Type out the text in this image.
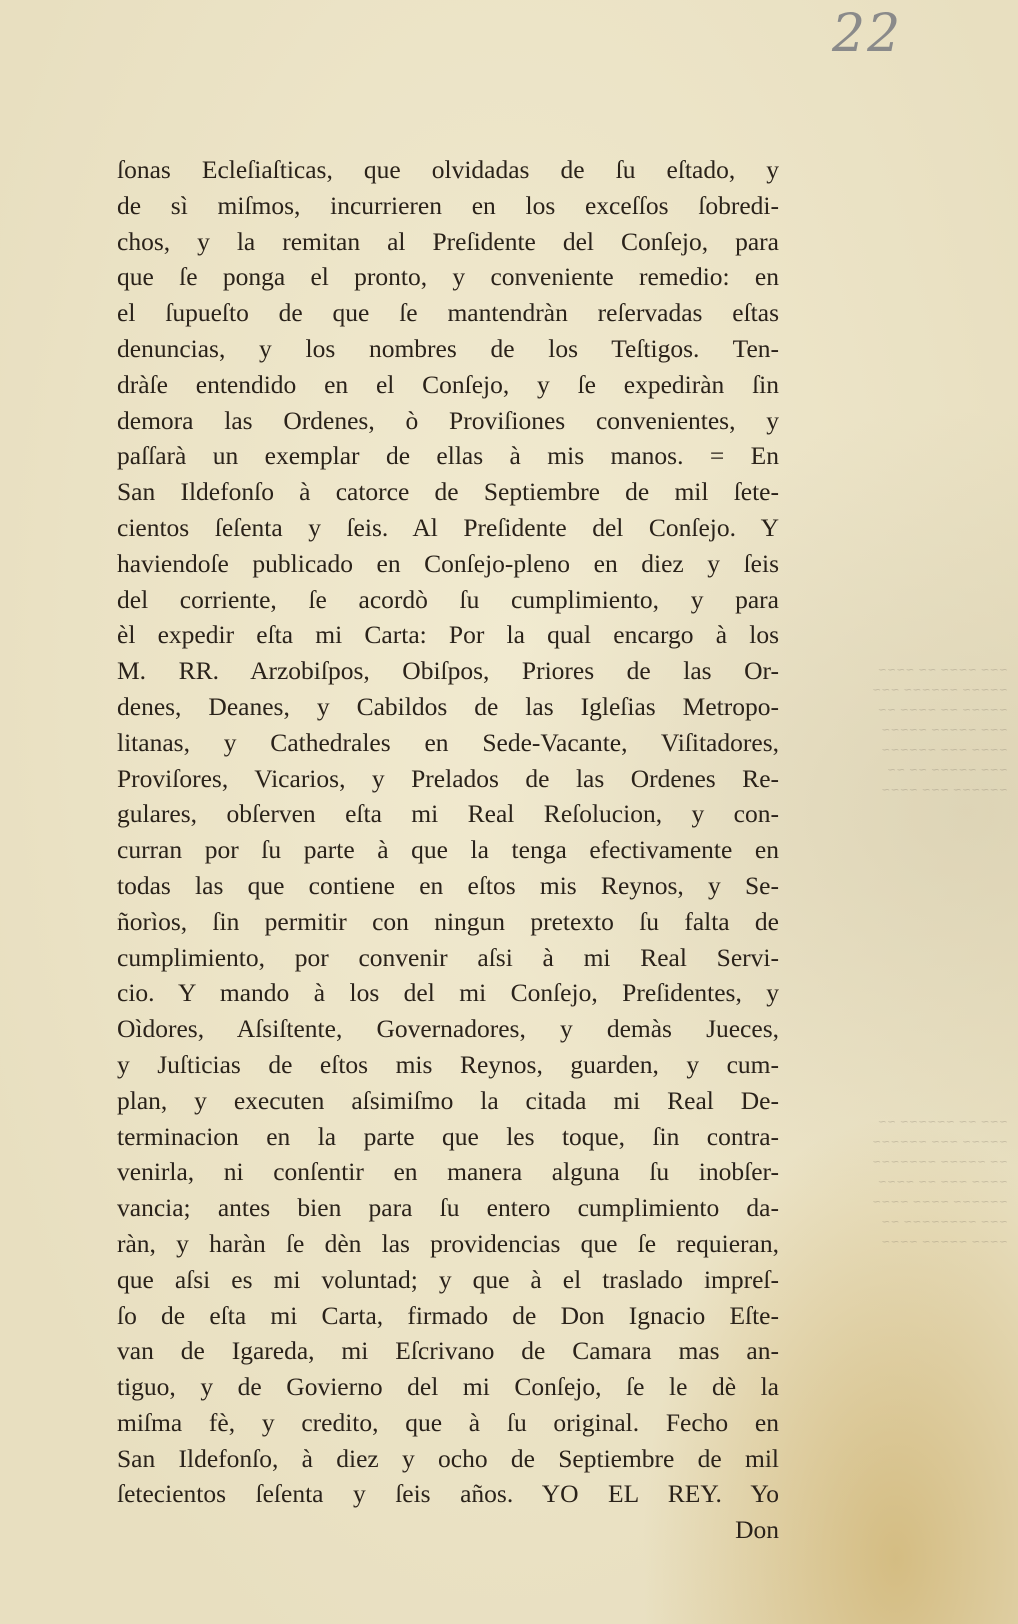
22
~~~ ~~~~ ~~ ~~~~
~~~~~ ~~~~~~ ~~~
~~~~~ ~~ ~~~~ ~~
~~~ ~~~~~ ~~~~~
~~~~ ~~~ ~~~~~~
~~~ ~~~~~ ~~ ~~
~~~~~~ ~~~ ~~~~
~~~ ~~ ~~~~~~ ~~
~~~~~ ~~~ ~~~~~~
~~ ~~~~~ ~~~~~~~
~~~~ ~~~ ~~ ~~~~
~~~~~~ ~~~~ ~~~~
~~~ ~~~~~~~~ ~~
~~~~ ~~~~~ ~~~~
ſonas Ecleſiaſticas, que olvidadas de ſu eſtado, y
de sì miſmos, incurrieren en los exceſſos ſobredi-
chos, y la remitan al Preſidente del Conſejo, para
que ſe ponga el pronto, y conveniente remedio: en
el ſupueſto de que ſe mantendràn reſervadas eſtas
denuncias, y los nombres de los Teſtigos. Ten-
dràſe entendido en el Conſejo, y ſe expediràn ſin
demora las Ordenes, ò Proviſiones convenientes, y
paſſarà un exemplar de ellas à mis manos. = En
San Ildefonſo à catorce de Septiembre de mil ſete-
cientos ſeſenta y ſeis. Al Preſidente del Conſejo. Y
haviendoſe publicado en Conſejo-pleno en diez y ſeis
del corriente, ſe acordò ſu cumplimiento, y para
èl expedir eſta mi Carta: Por la qual encargo à los
M. RR. Arzobiſpos, Obiſpos, Priores de las Or-
denes, Deanes, y Cabildos de las Igleſias Metropo-
litanas, y Cathedrales en Sede-Vacante, Viſitadores,
Proviſores, Vicarios, y Prelados de las Ordenes Re-
gulares, obſerven eſta mi Real Reſolucion, y con-
curran por ſu parte à que la tenga efectivamente en
todas las que contiene en eſtos mis Reynos, y Se-
ñorìos, ſin permitir con ningun pretexto ſu falta de
cumplimiento, por convenir aſsi à mi Real Servi-
cio. Y mando à los del mi Conſejo, Preſidentes, y
Oìdores, Aſsiſtente, Governadores, y demàs Jueces,
y Juſticias de eſtos mis Reynos, guarden, y cum-
plan, y executen aſsimiſmo la citada mi Real De-
terminacion en la parte que les toque, ſin contra-
venirla, ni conſentir en manera alguna ſu inobſer-
vancia; antes bien para ſu entero cumplimiento da-
ràn, y haràn ſe dèn las providencias que ſe requieran,
que aſsi es mi voluntad; y que à el traslado impreſ-
ſo de eſta mi Carta, firmado de Don Ignacio Eſte-
van de Igareda, mi Eſcrivano de Camara mas an-
tiguo, y de Govierno del mi Conſejo, ſe le dè la
miſma fè, y credito, que à ſu original. Fecho en
San Ildefonſo, à diez y ocho de Septiembre de mil
ſetecientos ſeſenta y ſeis años. YO EL REY. Yo
Don
